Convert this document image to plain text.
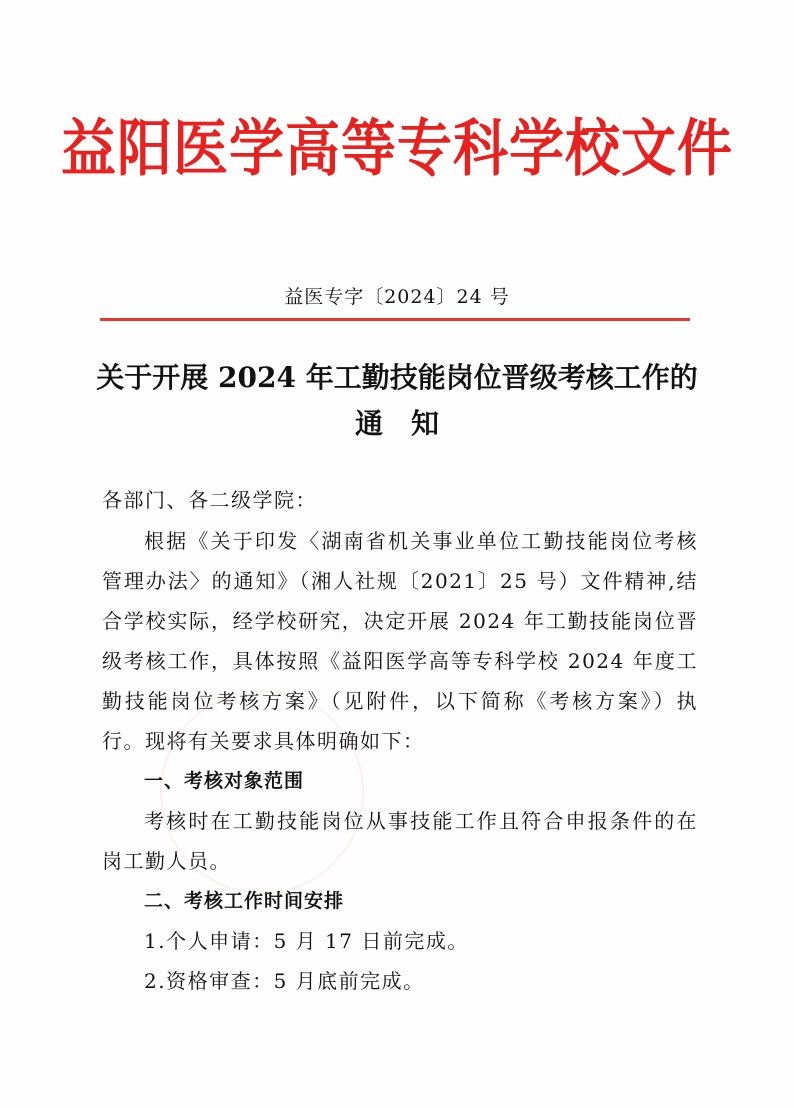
益阳医学高等专科学校文件
益医专字〔2024〕24 号
关于开展 2024 年工勤技能岗位晋级考核工作的
通知

各部门、各二级学院：

根据《关于印发〈湖南省机关事业单位工勤技能岗位考核管理办法〉的通知》（湘人社规〔2021〕25 号）文件精神,结合学校实际，经学校研究，决定开展 2024 年工勤技能岗位晋级考核工作，具体按照《益阳医学高等专科学校 2024 年度工勤技能岗位考核方案》（见附件，以下简称《考核方案》）执行。现将有关要求具体明确如下：

一、考核对象范围

考核时在工勤技能岗位从事技能工作且符合申报条件的在岗工勤人员。

二、考核工作时间安排

1.个人申请：5 月 17 日前完成。

2.资格审查：5 月底前完成。
